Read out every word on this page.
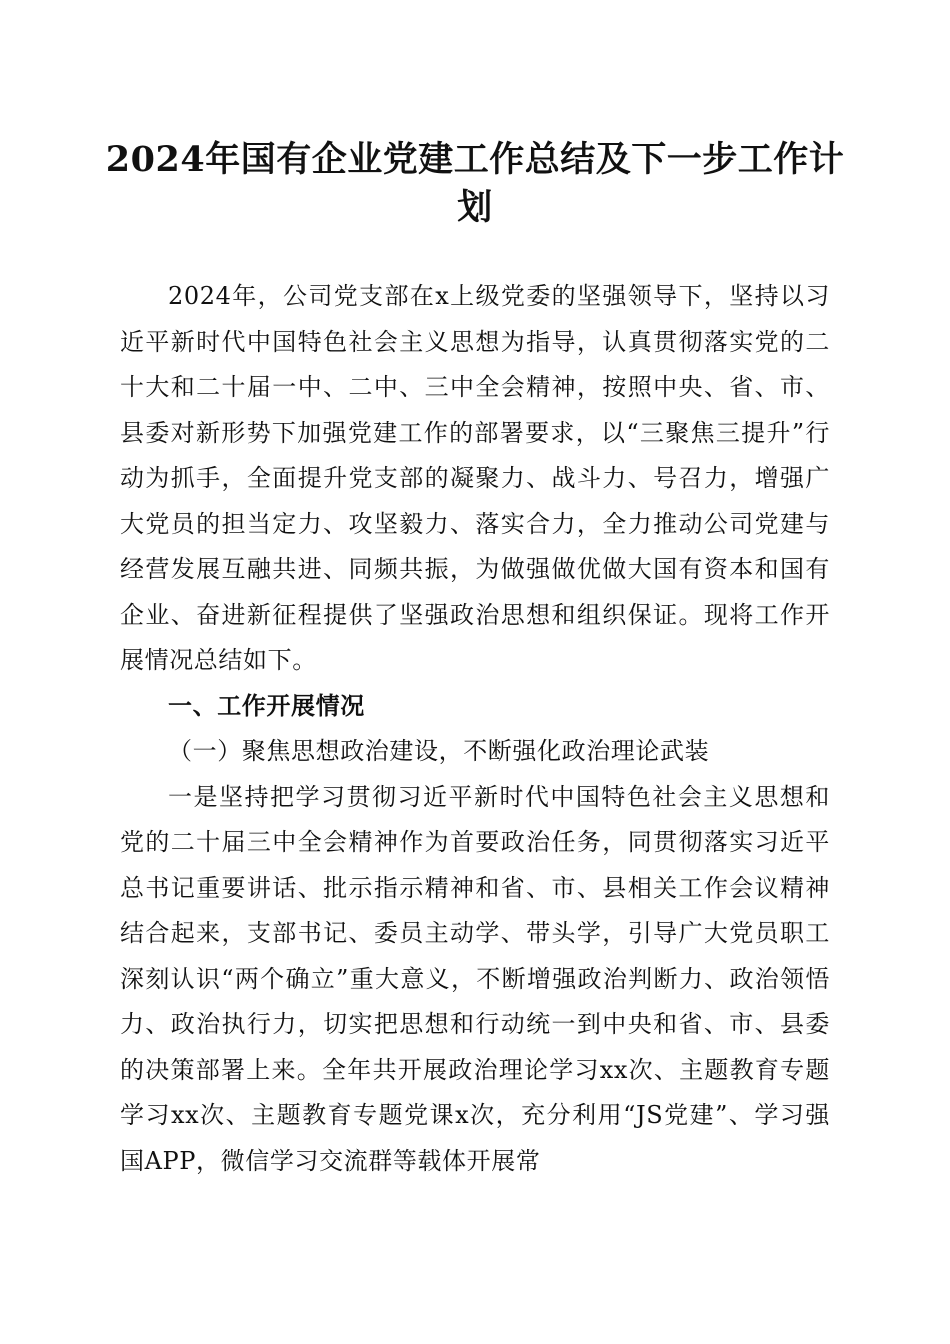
2024年国有企业党建工作总结及下一步工作计划

2024年，公司党支部在x上级党委的坚强领导下，坚持以习近平新时代中国特色社会主义思想为指导，认真贯彻落实党的二十大和二十届一中、二中、三中全会精神，按照中央、省、市、县委对新形势下加强党建工作的部署要求，以“三聚焦三提升”行动为抓手，全面提升党支部的凝聚力、战斗力、号召力，增强广大党员的担当定力、攻坚毅力、落实合力，全力推动公司党建与经营发展互融共进、同频共振，为做强做优做大国有资本和国有企业、奋进新征程提供了坚强政治思想和组织保证。现将工作开展情况总结如下。

一、工作开展情况

（一）聚焦思想政治建设，不断强化政治理论武装

一是坚持把学习贯彻习近平新时代中国特色社会主义思想和党的二十届三中全会精神作为首要政治任务，同贯彻落实习近平总书记重要讲话、批示指示精神和省、市、县相关工作会议精神结合起来，支部书记、委员主动学、带头学，引导广大党员职工深刻认识“两个确立”重大意义，不断增强政治判断力、政治领悟力、政治执行力，切实把思想和行动统一到中央和省、市、县委的决策部署上来。全年共开展政治理论学习xx次、主题教育专题学习xx次、主题教育专题党课x次，充分利用“JS党建”、学习强国APP，微信学习交流群等载体开展常
